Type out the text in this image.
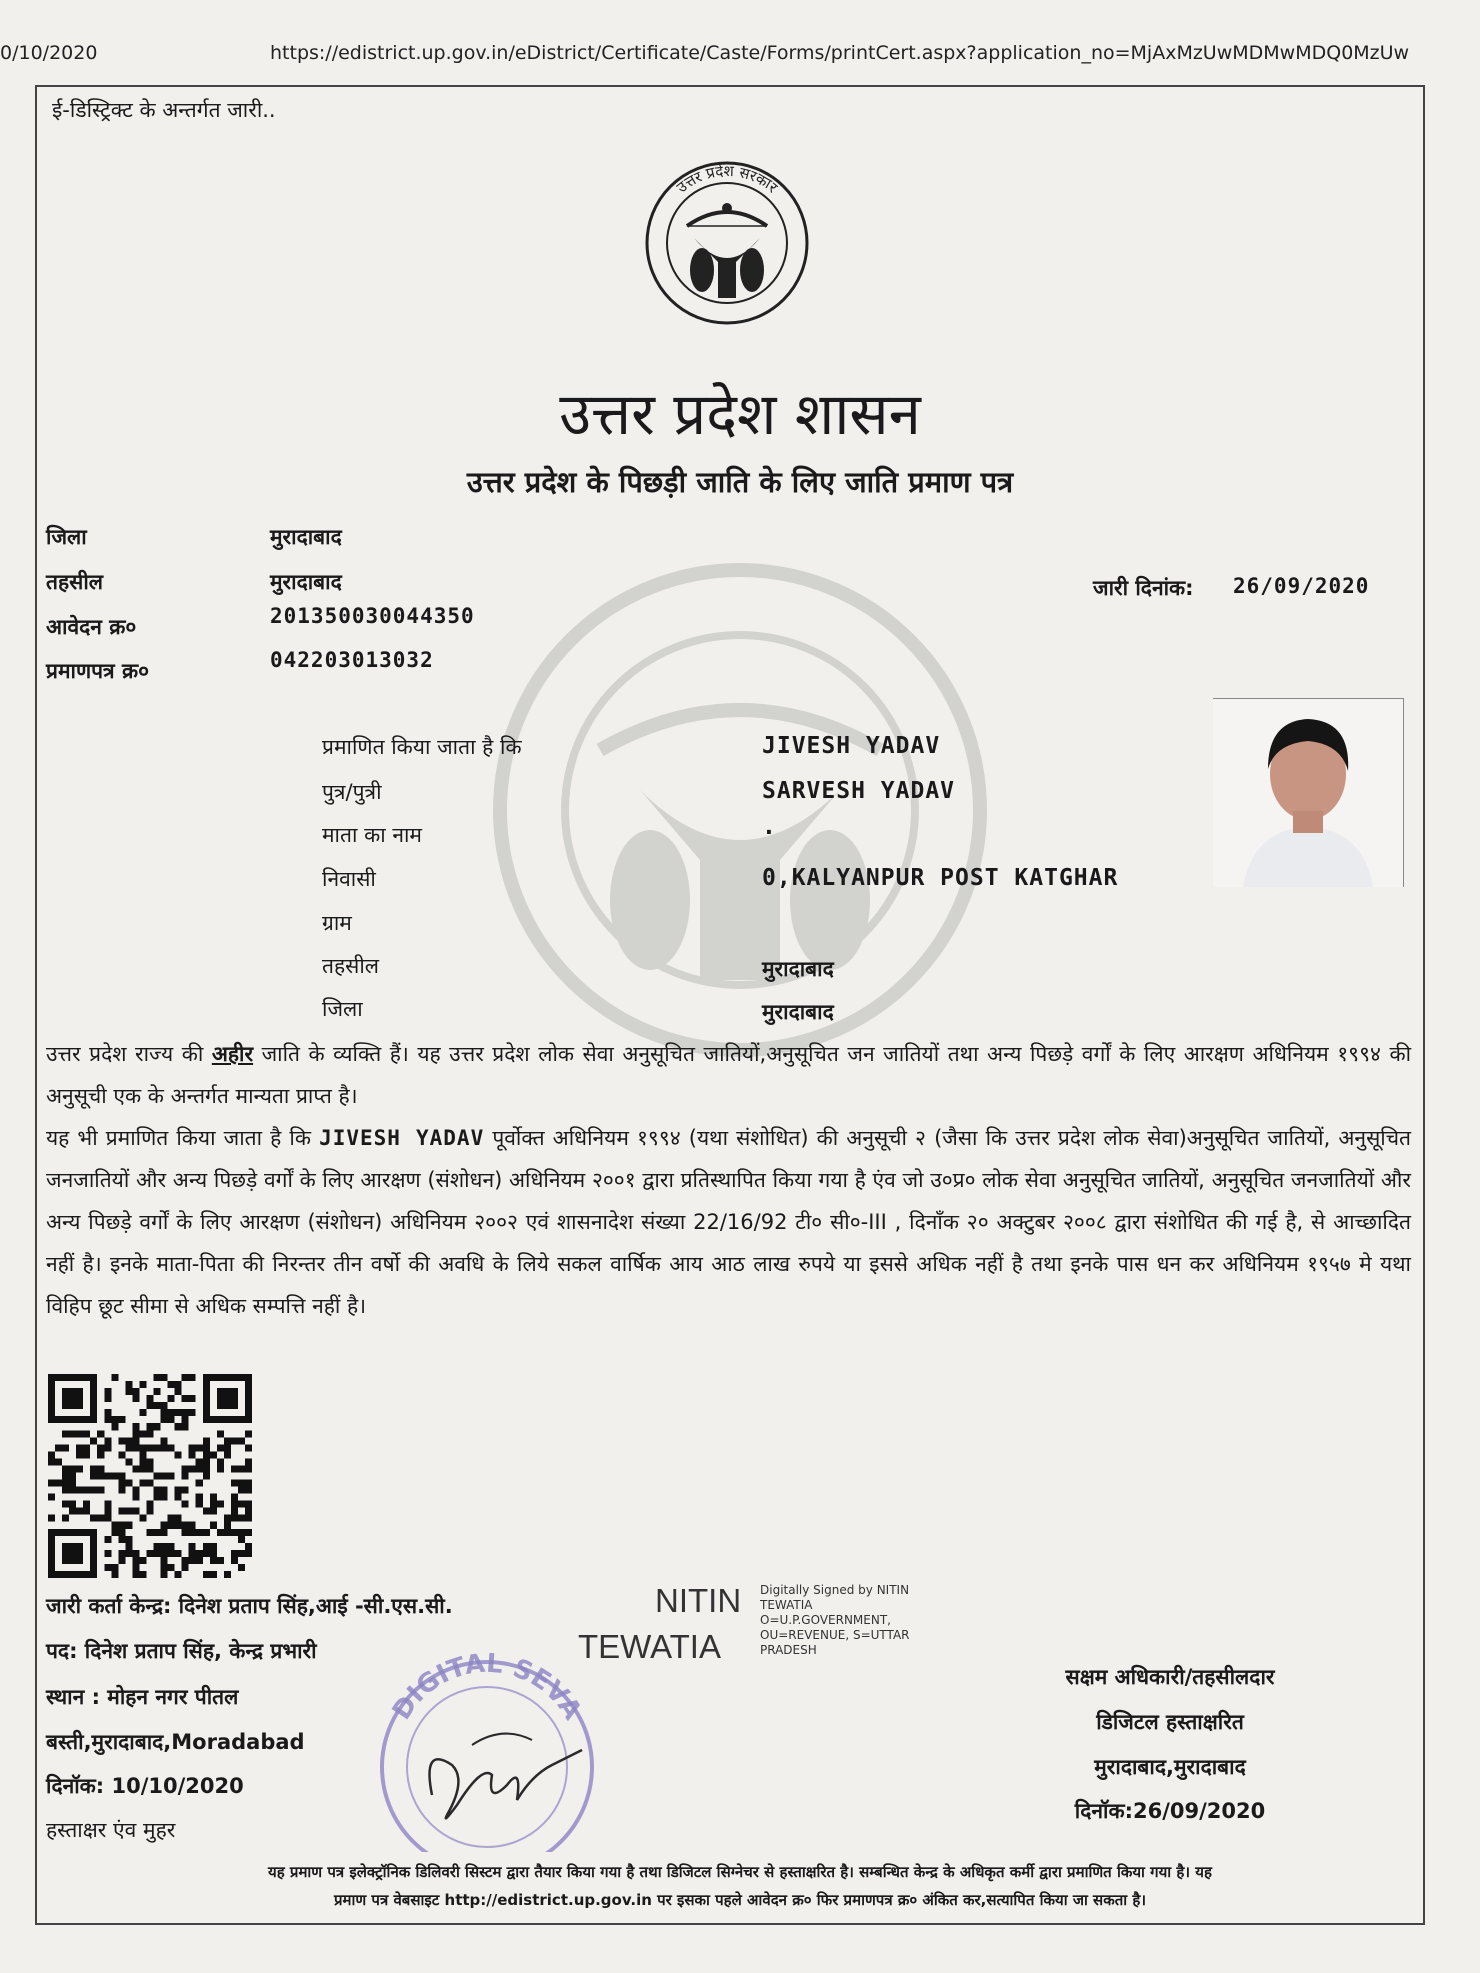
0/10/2020	https://edistrict.up.gov.in/eDistrict/Certificate/Caste/Forms/printCert.aspx?application_no=MjAxMzUwMDMwMDQ0MzUw
ई-डिस्ट्रिक्ट के अन्तर्गत जारी..
उत्तर प्रदेश सरकार
उत्तर प्रदेश शासन
उत्तर प्रदेश के पिछड़ी जाति के लिए जाति प्रमाण पत्र
जिला	मुरादाबाद
तहसील	मुरादाबाद
आवेदन क्र०	201350030044350
प्रमाणपत्र क्र०	042203013032
जारी दिनांक: 26/09/2020
प्रमाणित किया जाता है कि	JIVESH YADAV
पुत्र/पुत्री	SARVESH YADAV
माता का नाम	.
निवासी	0,KALYANPUR POST KATGHAR
ग्राम
तहसील	मुरादाबाद
जिला	मुरादाबाद
उत्तर प्रदेश राज्य की अहीर जाति के व्यक्ति हैं। यह उत्तर प्रदेश लोक सेवा अनुसूचित जातियों,अनुसूचित जन जातियों तथा अन्य पिछड़े वर्गों के लिए आरक्षण अधिनियम १९९४ की अनुसूची एक के अन्तर्गत मान्यता प्राप्त है।
यह भी प्रमाणित किया जाता है कि JIVESH YADAV पूर्वोक्त अधिनियम १९९४ (यथा संशोधित) की अनुसूची २ (जैसा कि उत्तर प्रदेश लोक सेवा)अनुसूचित जातियों, अनुसूचित जनजातियों और अन्य पिछड़े वर्गों के लिए आरक्षण (संशोधन) अधिनियम २००१ द्वारा प्रतिस्थापित किया गया है एंव जो उ०प्र० लोक सेवा अनुसूचित जातियों, अनुसूचित जनजातियों और अन्य पिछड़े वर्गों के लिए आरक्षण (संशोधन) अधिनियम २००२ एवं शासनादेश संख्या 22/16/92 टी० सी०-III , दिनाँक २० अक्टुबर २००८ द्वारा संशोधित की गई है, से आच्छादित नहीं है। इनके माता-पिता की निरन्तर तीन वर्षो की अवधि के लिये सकल वार्षिक आय आठ लाख रुपये या इससे अधिक नहीं है तथा इनके पास धन कर अधिनियम १९५७ मे यथा विहिप छूट सीमा से अधिक सम्पत्ति नहीं है।
जारी कर्ता केन्द्र: दिनेश प्रताप सिंह,आई -सी.एस.सी.
पद: दिनेश प्रताप सिंह, केन्द्र प्रभारी
स्थान : मोहन नगर पीतल
बस्ती,मुरादाबाद,Moradabad
दिनॉक: 10/10/2020
हस्ताक्षर एंव मुहर
NITIN
TEWATIA
Digitally Signed by NITIN
TEWATIA
O=U.P.GOVERNMENT,
OU=REVENUE, S=UTTAR
PRADESH
DIGITAL SEVA
सक्षम अधिकारी/तहसीलदार
डिजिटल हस्ताक्षरित
मुरादाबाद,मुरादाबाद
दिनॉक:26/09/2020
यह प्रमाण पत्र इलेक्ट्रॉनिक डिलिवरी सिस्टम द्वारा तैयार किया गया है तथा डिजिटल सिग्नेचर से हस्ताक्षरित है। सम्बन्धित केन्द्र के अधिकृत कर्मी द्वारा प्रमाणित किया गया है। यह
प्रमाण पत्र वेबसाइट http://edistrict.up.gov.in पर इसका पहले आवेदन क्र० फिर प्रमाणपत्र क्र० अंकित कर,सत्यापित किया जा सकता है।
